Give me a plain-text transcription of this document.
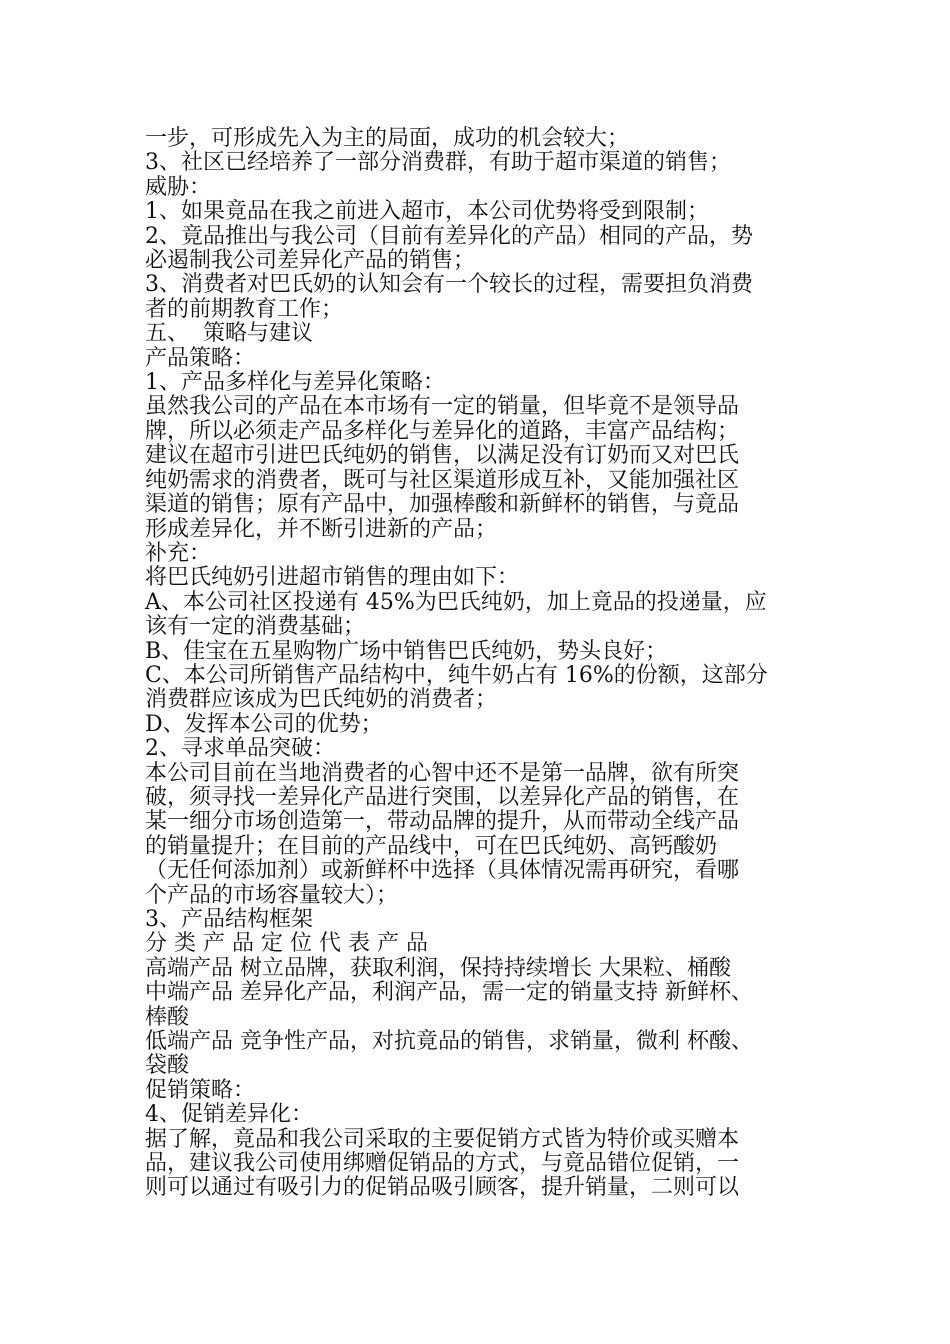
一步，可形成先入为主的局面，成功的机会较大；

3、社区已经培养了一部分消费群，有助于超市渠道的销售；

威胁：

1、如果竟品在我之前进入超市，本公司优势将受到限制；

2、竟品推出与我公司（目前有差异化的产品）相同的产品，势

必遏制我公司差异化产品的销售；

3、消费者对巴氏奶的认知会有一个较长的过程，需要担负消费

者的前期教育工作；

五、  策略与建议

产品策略：

1、产品多样化与差异化策略：

虽然我公司的产品在本市场有一定的销量，但毕竟不是领导品

牌，所以必须走产品多样化与差异化的道路，丰富产品结构；

建议在超市引进巴氏纯奶的销售，以满足没有订奶而又对巴氏

纯奶需求的消费者，既可与社区渠道形成互补，又能加强社区

渠道的销售；原有产品中，加强棒酸和新鲜杯的销售，与竟品

形成差异化，并不断引进新的产品；

补充：

将巴氏纯奶引进超市销售的理由如下：

A、本公司社区投递有 45%为巴氏纯奶，加上竟品的投递量，应

该有一定的消费基础；

B、佳宝在五星购物广场中销售巴氏纯奶，势头良好；

C、本公司所销售产品结构中，纯牛奶占有 16%的份额，这部分

消费群应该成为巴氏纯奶的消费者；

D、发挥本公司的优势；

2、寻求单品突破：

本公司目前在当地消费者的心智中还不是第一品牌，欲有所突

破，须寻找一差异化产品进行突围，以差异化产品的销售，在

某一细分市场创造第一，带动品牌的提升，从而带动全线产品

的销量提升；在目前的产品线中，可在巴氏纯奶、高钙酸奶

（无任何添加剂）或新鲜杯中选择（具体情况需再研究，看哪

个产品的市场容量较大）；

3、产品结构框架

分 类 产 品 定 位 代 表 产 品

高端产品 树立品牌，获取利润，保持持续增长 大果粒、桶酸

中端产品 差异化产品，利润产品，需一定的销量支持 新鲜杯、

棒酸

低端产品 竞争性产品，对抗竟品的销售，求销量，微利 杯酸、

袋酸

促销策略：

4、促销差异化：

据了解，竟品和我公司采取的主要促销方式皆为特价或买赠本

品，建议我公司使用绑赠促销品的方式，与竟品错位促销，一

则可以通过有吸引力的促销品吸引顾客，提升销量，二则可以
